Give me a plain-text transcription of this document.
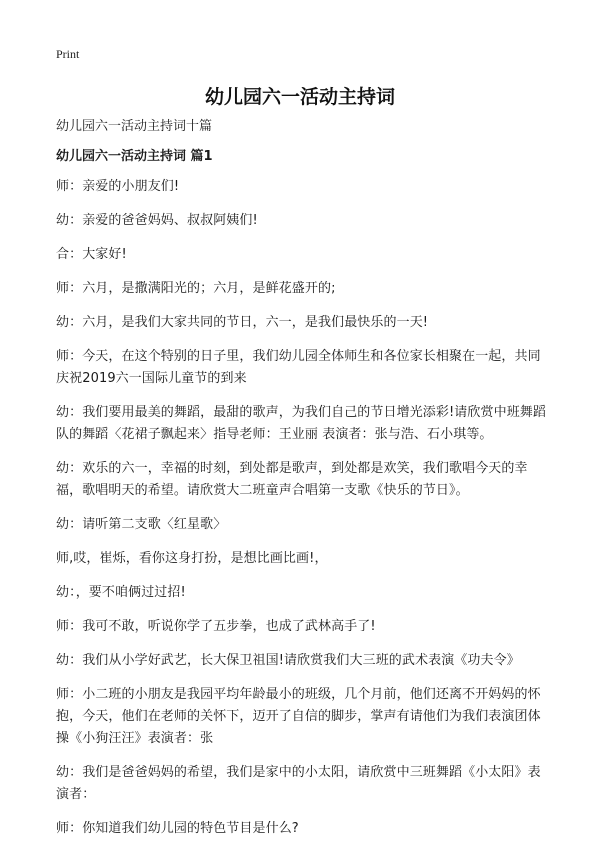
Print
幼儿园六一活动主持词
幼儿园六一活动主持词十篇
幼儿园六一活动主持词 篇1

师：亲爱的小朋友们!

幼：亲爱的爸爸妈妈、叔叔阿姨们!

合：大家好!

师：六月，是撒满阳光的；六月，是鲜花盛开的;

幼：六月，是我们大家共同的节日，六一，是我们最快乐的一天!

师：今天，在这个特别的日子里，我们幼儿园全体师生和各位家长相聚在一起，共同庆祝2019六一国际儿童节的到来

幼：我们要用最美的舞蹈，最甜的歌声，为我们自己的节日增光添彩!请欣赏中班舞蹈队的舞蹈〈花裙子飘起来〉指导老师：王业丽 表演者：张与浩、石小琪等。

幼：欢乐的六一，幸福的时刻，到处都是歌声，到处都是欢笑，我们歌唱今天的幸福，歌唱明天的希望。请欣赏大二班童声合唱第一支歌《快乐的节日》。

幼：请听第二支歌〈红星歌〉

师,哎，崔烁，看你这身打扮，是想比画比画!，

幼：，要不咱俩过过招!

师：我可不敢，听说你学了五步拳，也成了武林高手了!

幼：我们从小学好武艺，长大保卫祖国!请欣赏我们大三班的武术表演《功夫令》

师：小二班的小朋友是我园平均年龄最小的班级，几个月前，他们还离不开妈妈的怀抱，今天，他们在老师的关怀下，迈开了自信的脚步，掌声有请他们为我们表演团体操《小狗汪汪》表演者：张

幼：我们是爸爸妈妈的希望，我们是家中的小太阳，请欣赏中三班舞蹈《小太阳》表演者：

师：你知道我们幼儿园的特色节目是什么?
